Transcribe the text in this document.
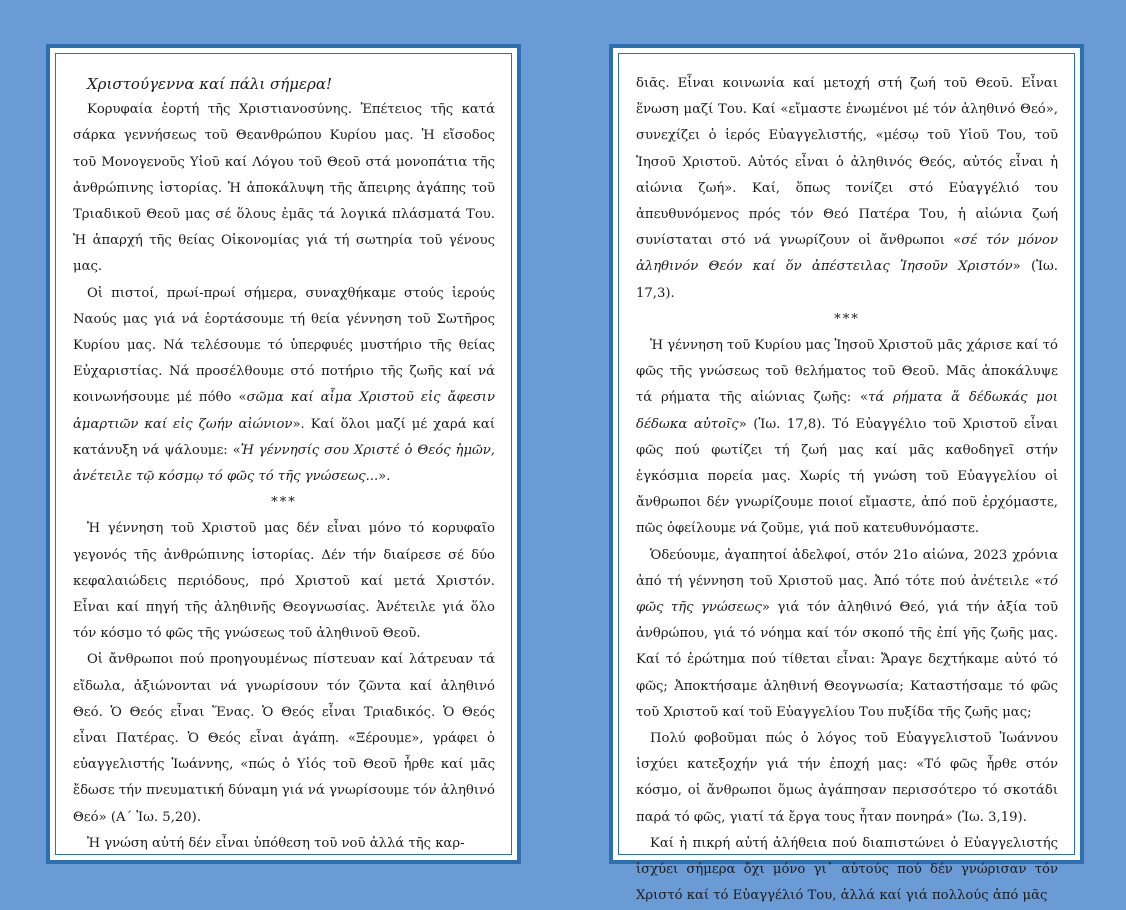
Χριστούγεννα καί πάλι σήμερα!

Κορυφαία ἑορτή τῆς Χριστιανοσύνης. Ἐπέτειος τῆς κατά σάρκα γεννήσεως τοῦ Θεανθρώπου Κυρίου μας. Ἡ εἴσοδος τοῦ Μονογενοῦς Υἱοῦ καί Λόγου τοῦ Θεοῦ στά μονοπάτια τῆς ἀνθρώπινης ἱστορίας. Ἡ ἀποκάλυψη τῆς ἄπειρης ἀγάπης τοῦ Τριαδικοῦ Θεοῦ μας σέ ὅλους ἐμᾶς τά λογικά πλάσματά Του. Ἡ ἀπαρχή τῆς θείας Οἰκονομίας γιά τή σωτηρία τοῦ γένους μας.

Οἱ πιστοί, πρωί-πρωί σήμερα, συναχθήκαμε στούς ἱερούς Ναούς μας γιά νά ἑορτάσουμε τή θεία γέννηση τοῦ Σωτῆρος Κυρίου μας. Νά τελέσουμε τό ὑπερφυές μυστήριο τῆς θείας Εὐχαριστίας. Νά προσέλθουμε στό ποτήριο τῆς ζωῆς καί νά κοινωνήσουμε μέ πόθο «σῶμα καί αἷμα Χριστοῦ εἰς ἄφεσιν ἁμαρτιῶν καί εἰς ζωήν αἰώνιον». Καί ὅλοι μαζί μέ χαρά καί κατάνυξη νά ψάλουμε: «Ἡ γέννησίς σου Χριστέ ὁ Θεός ἡμῶν, ἀνέτειλε τῷ κόσμῳ τό φῶς τό τῆς γνώσεως...».

***

Ἡ γέννηση τοῦ Χριστοῦ μας δέν εἶναι μόνο τό κορυφαῖο γεγονός τῆς ἀνθρώπινης ἱστορίας. Δέν τήν διαίρεσε σέ δύο κεφαλαιώδεις περιόδους, πρό Χριστοῦ καί μετά Χριστόν. Εἶναι καί πηγή τῆς ἀληθινῆς Θεογνωσίας. Ἀνέτειλε γιά ὅλο τόν κόσμο τό φῶς τῆς γνώσεως τοῦ ἀληθινοῦ Θεοῦ.

Οἱ ἄνθρωποι πού προηγουμένως πίστευαν καί λάτρευαν τά εἴδωλα, ἀξιώνονται νά γνωρίσουν τόν ζῶντα καί ἀληθινό Θεό. Ὁ Θεός εἶναι Ἕνας. Ὁ Θεός εἶναι Τριαδικός. Ὁ Θεός εἶναι Πατέρας. Ὁ Θεός εἶναι ἀγάπη. «Ξέρουμε», γράφει ὁ εὐαγγελιστής Ἰωάννης, «πώς ὁ Υἱός τοῦ Θεοῦ ἦρθε καί μᾶς ἔδωσε τήν πνευματική δύναμη γιά νά γνωρίσουμε τόν ἀληθινό Θεό» (Α΄ Ἰω. 5,20).

Ἡ γνώση αὐτή δέν εἶναι ὑπόθεση τοῦ νοῦ ἀλλά τῆς καρ-

διᾶς. Εἶναι κοινωνία καί μετοχή στή ζωή τοῦ Θεοῦ. Εἶναι ἕνωση μαζί Του. Καί «εἴμαστε ἑνωμένοι μέ τόν ἀληθινό Θεό», συνεχίζει ὁ ἱερός Εὐαγγελιστής, «μέσῳ τοῦ Υἱοῦ Του, τοῦ Ἰησοῦ Χριστοῦ. Αὐτός εἶναι ὁ ἀληθινός Θεός, αὐτός εἶναι ἡ αἰώνια ζωή». Καί, ὅπως τονίζει στό Εὐαγγέλιό του ἀπευθυνόμενος πρός τόν Θεό Πατέρα Του, ἡ αἰώνια ζωή συνίσταται στό νά γνωρίζουν οἱ ἄνθρωποι «σέ τόν μόνον ἀληθινόν Θεόν καί ὅν ἀπέστειλας Ἰησοῦν Χριστόν» (Ἰω. 17,3).

***

Ἡ γέννηση τοῦ Κυρίου μας Ἰησοῦ Χριστοῦ μᾶς χάρισε καί τό φῶς τῆς γνώσεως τοῦ θελήματος τοῦ Θεοῦ. Μᾶς ἀποκάλυψε τά ρήματα τῆς αἰώνιας ζωῆς: «τά ρήματα ἅ δέδωκάς μοι δέδωκα αὐτοῖς» (Ἰω. 17,8). Τό Εὐαγγέλιο τοῦ Χριστοῦ εἶναι φῶς πού φωτίζει τή ζωή μας καί μᾶς καθοδηγεῖ στήν ἐγκόσμια πορεία μας. Χωρίς τή γνώση τοῦ Εὐαγγελίου οἱ ἄνθρωποι δέν γνωρίζουμε ποιοί εἴμαστε, ἀπό ποῦ ἐρχόμαστε, πῶς ὀφείλουμε νά ζοῦμε, γιά ποῦ κατευθυνόμαστε.

Ὁδεύουμε, ἀγαπητοί ἀδελφοί, στόν 21ο αἰώνα, 2023 χρόνια ἀπό τή γέννηση τοῦ Χριστοῦ μας. Ἀπό τότε πού ἀνέτειλε «τό φῶς τῆς γνώσεως» γιά τόν ἀληθινό Θεό, γιά τήν ἀξία τοῦ ἀνθρώπου, γιά τό νόημα καί τόν σκοπό τῆς ἐπί γῆς ζωῆς μας. Καί τό ἐρώτημα πού τίθεται εἶναι: Ἄραγε δεχτήκαμε αὐτό τό φῶς; Ἀποκτήσαμε ἀληθινή Θεογνωσία; Καταστήσαμε τό φῶς τοῦ Χριστοῦ καί τοῦ Εὐαγγελίου Του πυξίδα τῆς ζωῆς μας;

Πολύ φοβοῦμαι πώς ὁ λόγος τοῦ Εὐαγγελιστοῦ Ἰωάννου ἰσχύει κατεξοχήν γιά τήν ἐποχή μας: «Τό φῶς ἦρθε στόν κόσμο, οἱ ἄνθρωποι ὅμως ἀγάπησαν περισσότερο τό σκοτάδι παρά τό φῶς, γιατί τά ἔργα τους ἦταν πονηρά» (Ἰω. 3,19).

Καί ἡ πικρή αὐτή ἀλήθεια πού διαπιστώνει ὁ Εὐαγγελιστής ἰσχύει σήμερα ὄχι μόνο γι᾽ αὐτούς πού δέν γνώρισαν τόν Χριστό καί τό Εὐαγγέλιό Του, ἀλλά καί γιά πολλούς ἀπό μᾶς
